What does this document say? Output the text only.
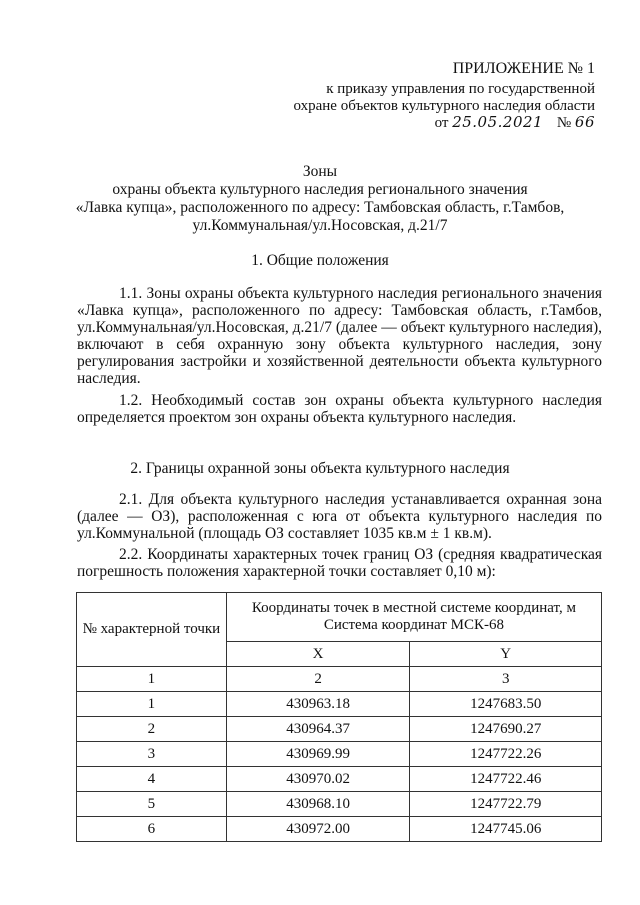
ПРИЛОЖЕНИЕ № 1
к приказу управления по государственной
охране объектов культурного наследия области
от 25.05.2021 № 66
Зоны
охраны объекта культурного наследия регионального значения
«Лавка купца», расположенного по адресу: Тамбовская область, г.Тамбов,
ул.Коммунальная/ул.Носовская, д.21/7
1. Общие положения
1.1. Зоны охраны объекта культурного наследия регионального значения «Лавка купца», расположенного по адресу: Тамбовская область, г.Тамбов, ул.Коммунальная/ул.Носовская, д.21/7 (далее — объект культурного наследия), включают в себя охранную зону объекта культурного наследия, зону регулирования застройки и хозяйственной деятельности объекта культурного наследия.
1.2. Необходимый состав зон охраны объекта культурного наследия определяется проектом зон охраны объекта культурного наследия.
2. Границы охранной зоны объекта культурного наследия
2.1. Для объекта культурного наследия устанавливается охранная зона (далее — ОЗ), расположенная с юга от объекта культурного наследия по ул.Коммунальной (площадь ОЗ составляет 1035 кв.м ± 1 кв.м).
2.2. Координаты характерных точек границ ОЗ (средняя квадратическая погрешность положения характерной точки составляет 0,10 м):
№ характерной точки	Координаты точек в местной системе координат, м Система координат МСК-68	
	X	Y
1	2	3
1	430963.18	1247683.50
2	430964.37	1247690.27
3	430969.99	1247722.26
4	430970.02	1247722.46
5	430968.10	1247722.79
6	430972.00	1247745.06
